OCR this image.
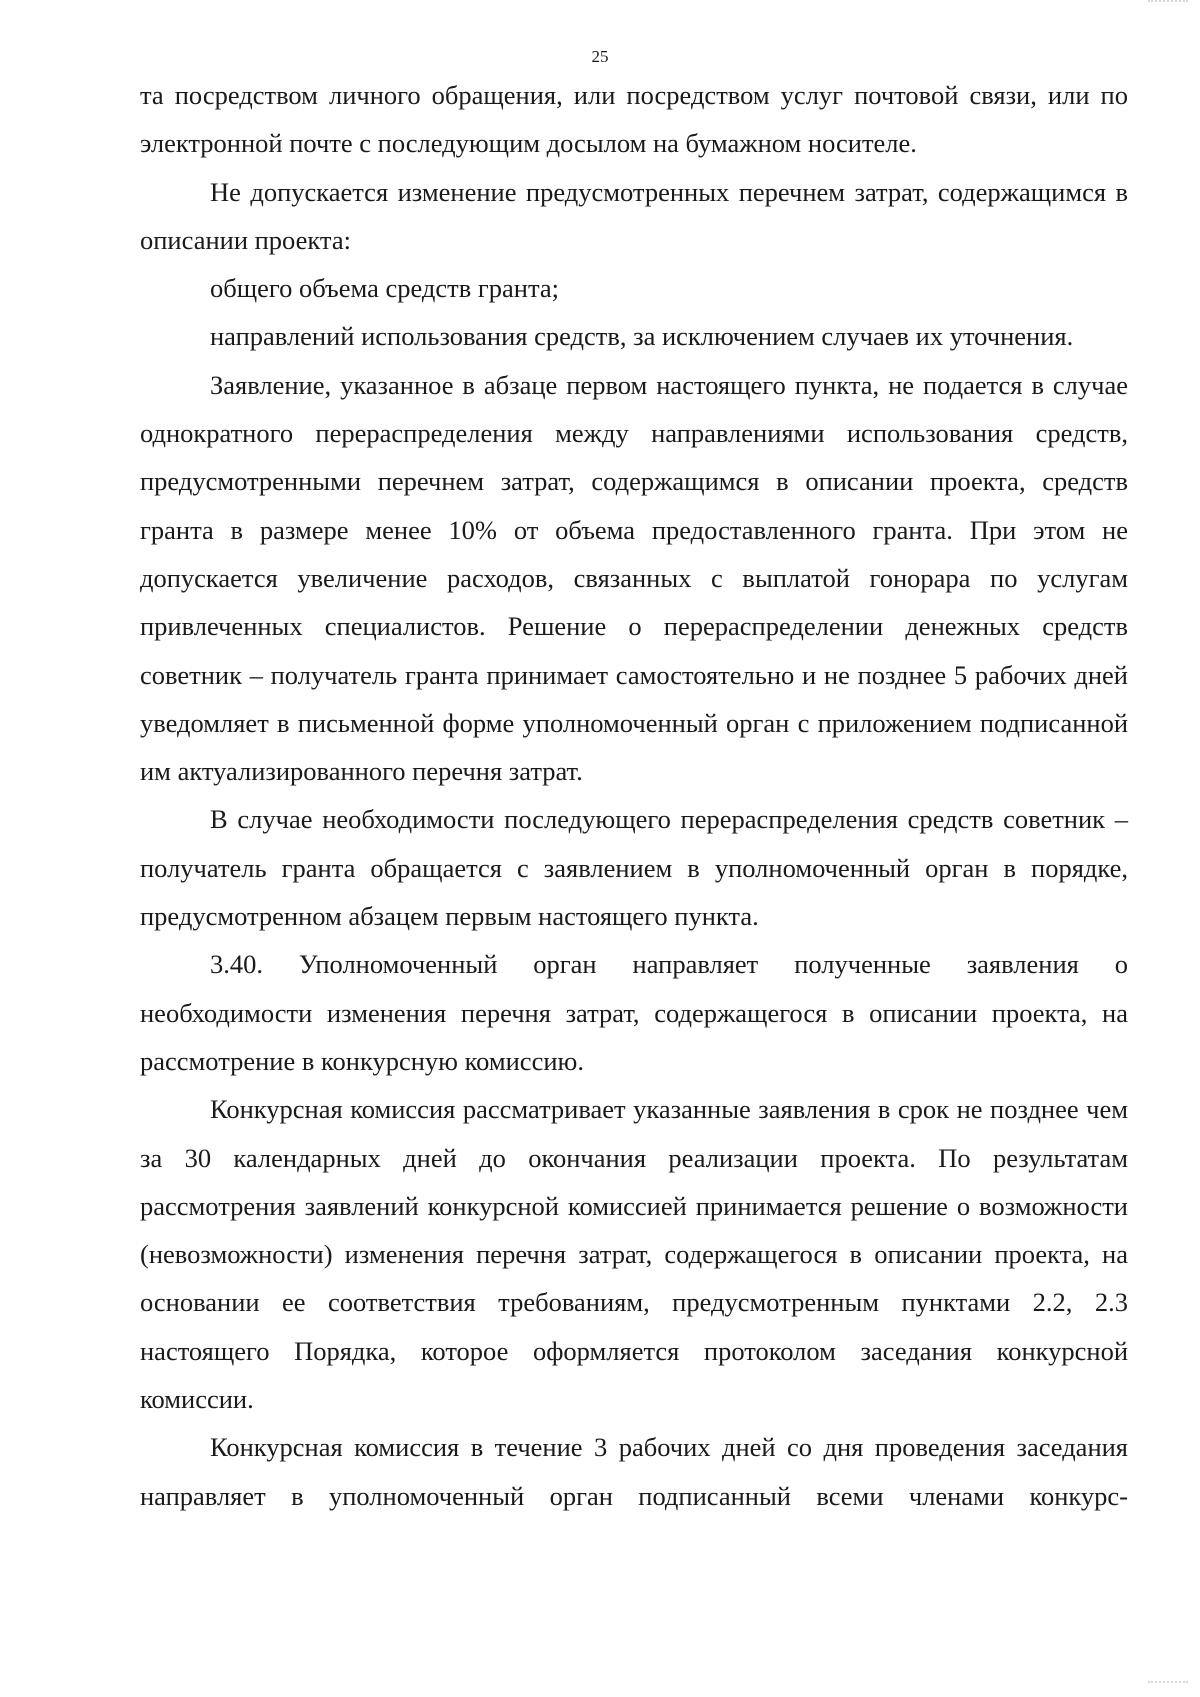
25

та посредством личного обращения, или посредством услуг почтовой связи, или по электронной почте с последующим досылом на бумажном носителе.

Не допускается изменение предусмотренных перечнем затрат, содержащимся в описании проекта:

общего объема средств гранта;

направлений использования средств, за исключением случаев их уточнения.

Заявление, указанное в абзаце первом настоящего пункта, не подается в случае однократного перераспределения между направлениями использования средств, предусмотренными перечнем затрат, содержащимся в описании проекта, средств гранта в размере менее 10% от объема предоставленного гранта. При этом не допускается увеличение расходов, связанных с выплатой гонорара по услугам привлеченных специалистов. Решение о перераспределении денежных средств советник – получатель гранта принимает самостоятельно и не позднее 5 рабочих дней уведомляет в письменной форме уполномоченный орган с приложением подписанной им актуализированного перечня затрат.

В случае необходимости последующего перераспределения средств советник – получатель гранта обращается с заявлением в уполномоченный орган в порядке, предусмотренном абзацем первым настоящего пункта.

3.40. Уполномоченный орган направляет полученные заявления о необходимости изменения перечня затрат, содержащегося в описании проекта, на рассмотрение в конкурсную комиссию.

Конкурсная комиссия рассматривает указанные заявления в срок не позднее чем за 30 календарных дней до окончания реализации проекта. По результатам рассмотрения заявлений конкурсной комиссией принимается решение о возможности (невозможности) изменения перечня затрат, содержащегося в описании проекта, на основании ее соответствия требованиям, предусмотренным пунктами 2.2, 2.3 настоящего Порядка, которое оформляется протоколом заседания конкурсной комиссии.

Конкурсная комиссия в течение 3 рабочих дней со дня проведения заседания направляет в уполномоченный орган подписанный всеми членами конкурс-
